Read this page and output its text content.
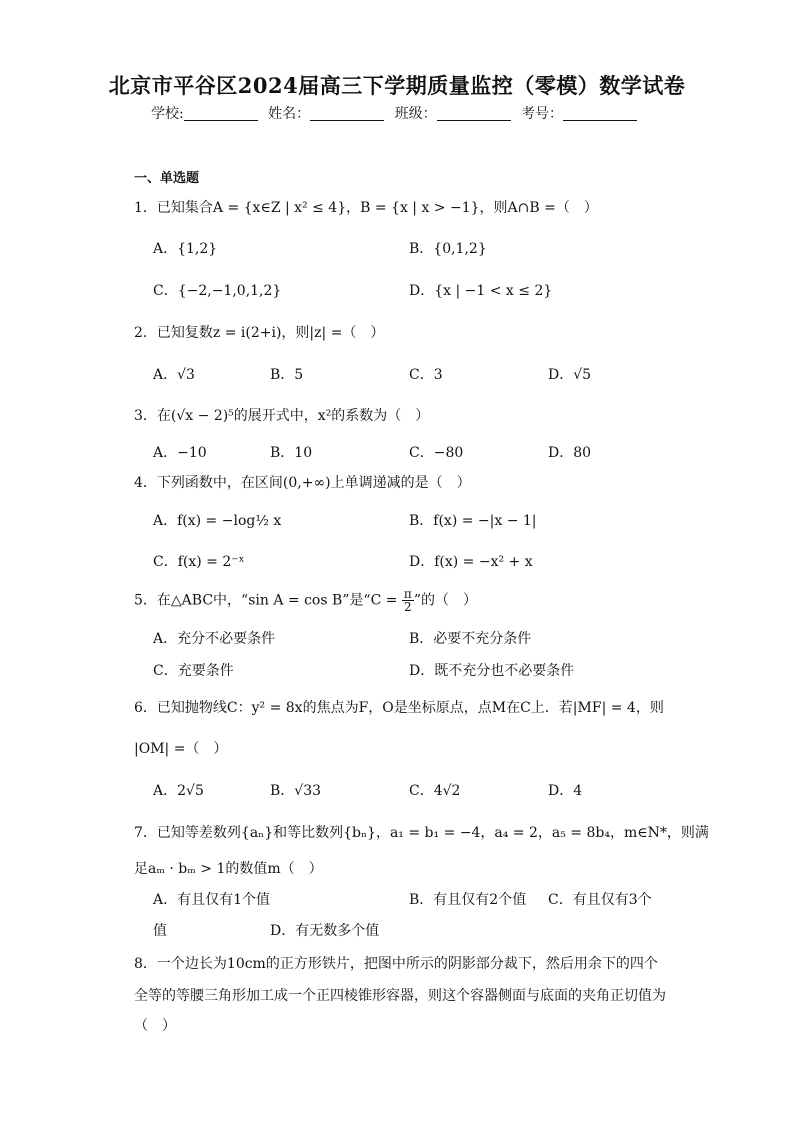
北京市平谷区2024届高三下学期质量监控（零模）数学试卷
学校:	姓名：	班级：	考号：
一、单选题
1．已知集合A = {x∈Z | x² ≤ 4}，B = {x | x > −1}，则A∩B =（　）
A．{1,2}	B．{0,1,2}
C．{−2,−1,0,1,2}	D．{x | −1 < x ≤ 2}
2．已知复数z = i(2+i)，则|z| =（　）
A．√3	B．5	C．3	D．√5
3．在(√x − 2)⁵的展开式中，x²的系数为（　）
A．−10	B．10	C．−80	D．80
4．下列函数中，在区间(0,+∞)上单调递减的是（　）
A．f(x) = −log½ x	B．f(x) = −|x − 1|
C．f(x) = 2⁻ˣ	D．f(x) = −x² + x
5．在△ABC中，“sin A = cos B”是“$C = \frac{\pi}{2}$ ”的（　）
A．充分不必要条件	B．必要不充分条件
C．充要条件	D．既不充分也不必要条件
6．已知抛物线C：y² = 8x的焦点为F，O是坐标原点，点M在C上．若|MF| = 4，则
|OM| =（　）
A．2√5	B．√33	C．4√2	D．4
7．已知等差数列{aₙ}和等比数列{bₙ}，a₁ = b₁ = −4，a₄ = 2，a₅ = 8b₄，m∈N*，则满
足aₘ · bₘ > 1的数值m（　）
A．有且仅有1个值	B．有且仅有2个值 C．有且仅有3个
值	D．有无数多个值
8．一个边长为10cm的正方形铁片，把图中所示的阴影部分裁下，然后用余下的四个
全等的等腰三角形加工成一个正四棱锥形容器，则这个容器侧面与底面的夹角正切值为
（　）
